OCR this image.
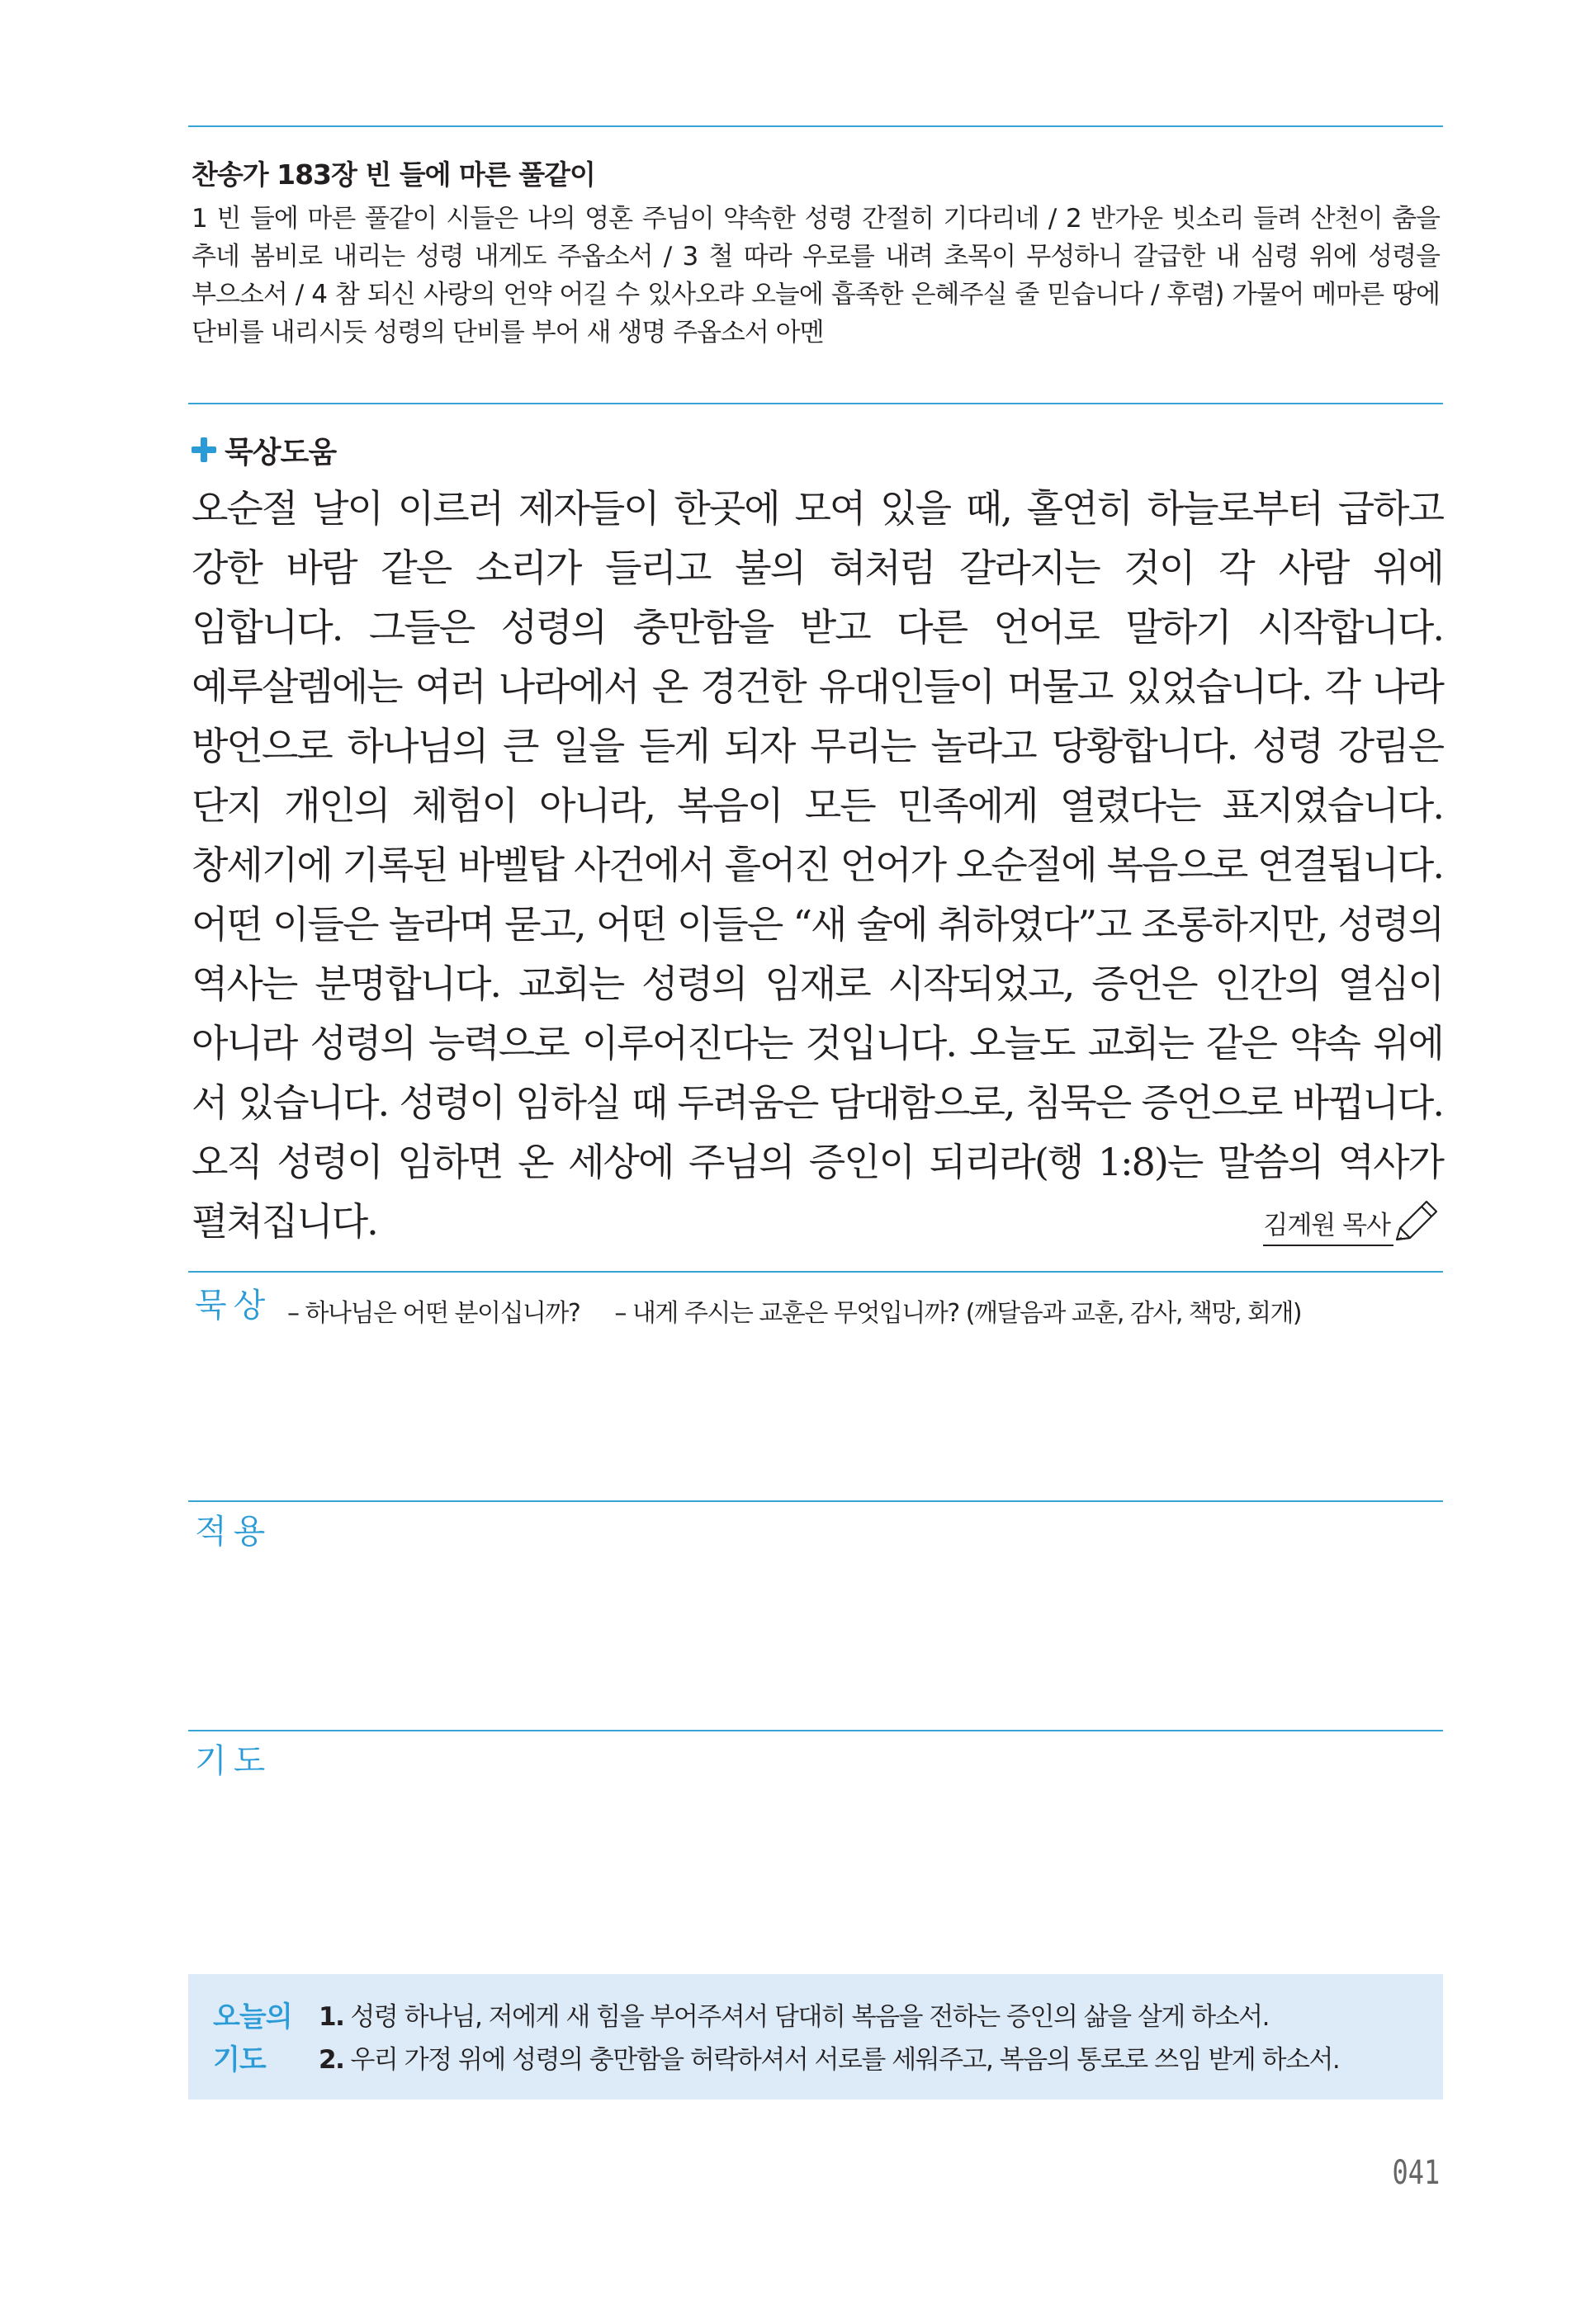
찬송가 183장 빈 들에 마른 풀같이

1 빈 들에 마른 풀같이 시들은 나의 영혼 주님이 약속한 성령 간절히 기다리네 / 2 반가운 빗소리 들려 산천이 춤을 추네 봄비로 내리는 성령 내게도 주옵소서 / 3 철 따라 우로를 내려 초목이 무성하니 갈급한 내 심령 위에 성령을 부으소서 / 4 참 되신 사랑의 언약 어길 수 있사오랴 오늘에 흡족한 은혜주실 줄 믿습니다 / 후렴) 가물어 메마른 땅에 단비를 내리시듯 성령의 단비를 부어 새 생명 주옵소서 아멘

묵상도움

오순절 날이 이르러 제자들이 한곳에 모여 있을 때, 홀연히 하늘로부터 급하고 강한 바람 같은 소리가 들리고 불의 혀처럼 갈라지는 것이 각 사람 위에 임합니다. 그들은 성령의 충만함을 받고 다른 언어로 말하기 시작합니다. 예루살렘에는 여러 나라에서 온 경건한 유대인들이 머물고 있었습니다. 각 나라 방언으로 하나님의 큰 일을 듣게 되자 무리는 놀라고 당황합니다. 성령 강림은 단지 개인의 체험이 아니라, 복음이 모든 민족에게 열렸다는 표지였습니다. 창세기에 기록된 바벨탑 사건에서 흩어진 언어가 오순절에 복음으로 연결됩니다. 어떤 이들은 놀라며 묻고, 어떤 이들은 “새 술에 취하였다”고 조롱하지만, 성령의 역사는 분명합니다. 교회는 성령의 임재로 시작되었고, 증언은 인간의 열심이 아니라 성령의 능력으로 이루어진다는 것입니다. 오늘도 교회는 같은 약속 위에 서 있습니다. 성령이 임하실 때 두려움은 담대함으로, 침묵은 증언으로 바뀝니다. 오직 성령이 임하면 온 세상에 주님의 증인이 되리라(행 1:8)는 말씀의 역사가 펼쳐집니다.	김계원 목사
묵상 – 하나님은 어떤 분이십니까? – 내게 주시는 교훈은 무엇입니까? (깨달음과 교훈, 감사, 책망, 회개)
적용
기도
오늘의 기도
1. 성령 하나님, 저에게 새 힘을 부어주셔서 담대히 복음을 전하는 증인의 삶을 살게 하소서.
2. 우리 가정 위에 성령의 충만함을 허락하셔서 서로를 세워주고, 복음의 통로로 쓰임 받게 하소서.
041
